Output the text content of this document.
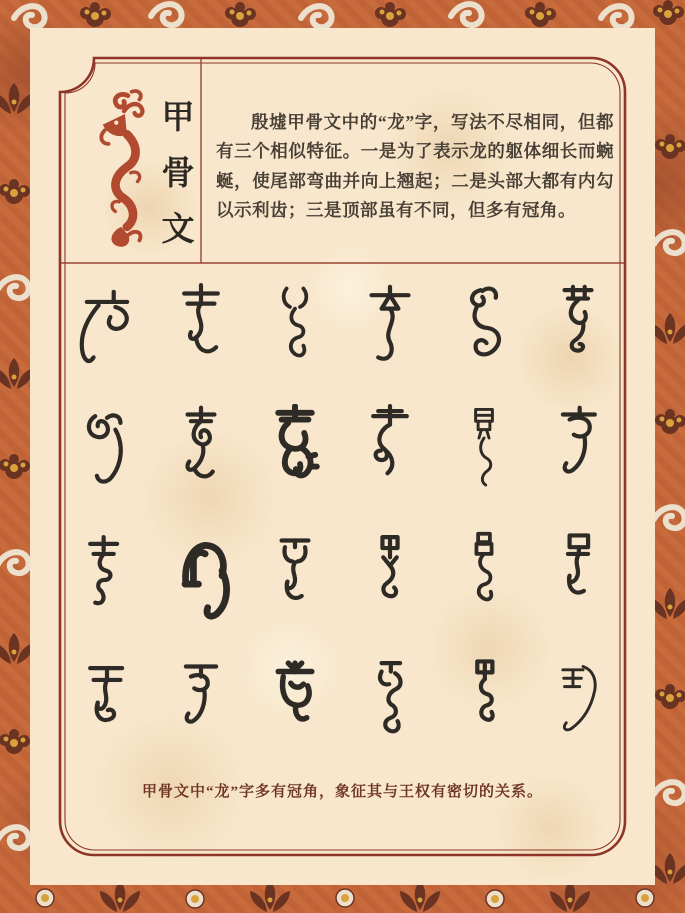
甲
骨
文

殷墟甲骨文中的“龙”字，写法不尽相同，但都有三个相似特征。一是为了表示龙的躯体细长而蜿蜒，使尾部弯曲并向上翘起；二是头部大都有内勾以示利齿；三是顶部虽有不同，但多有冠角。

甲骨文中“龙”字多有冠角，象征其与王权有密切的关系。
